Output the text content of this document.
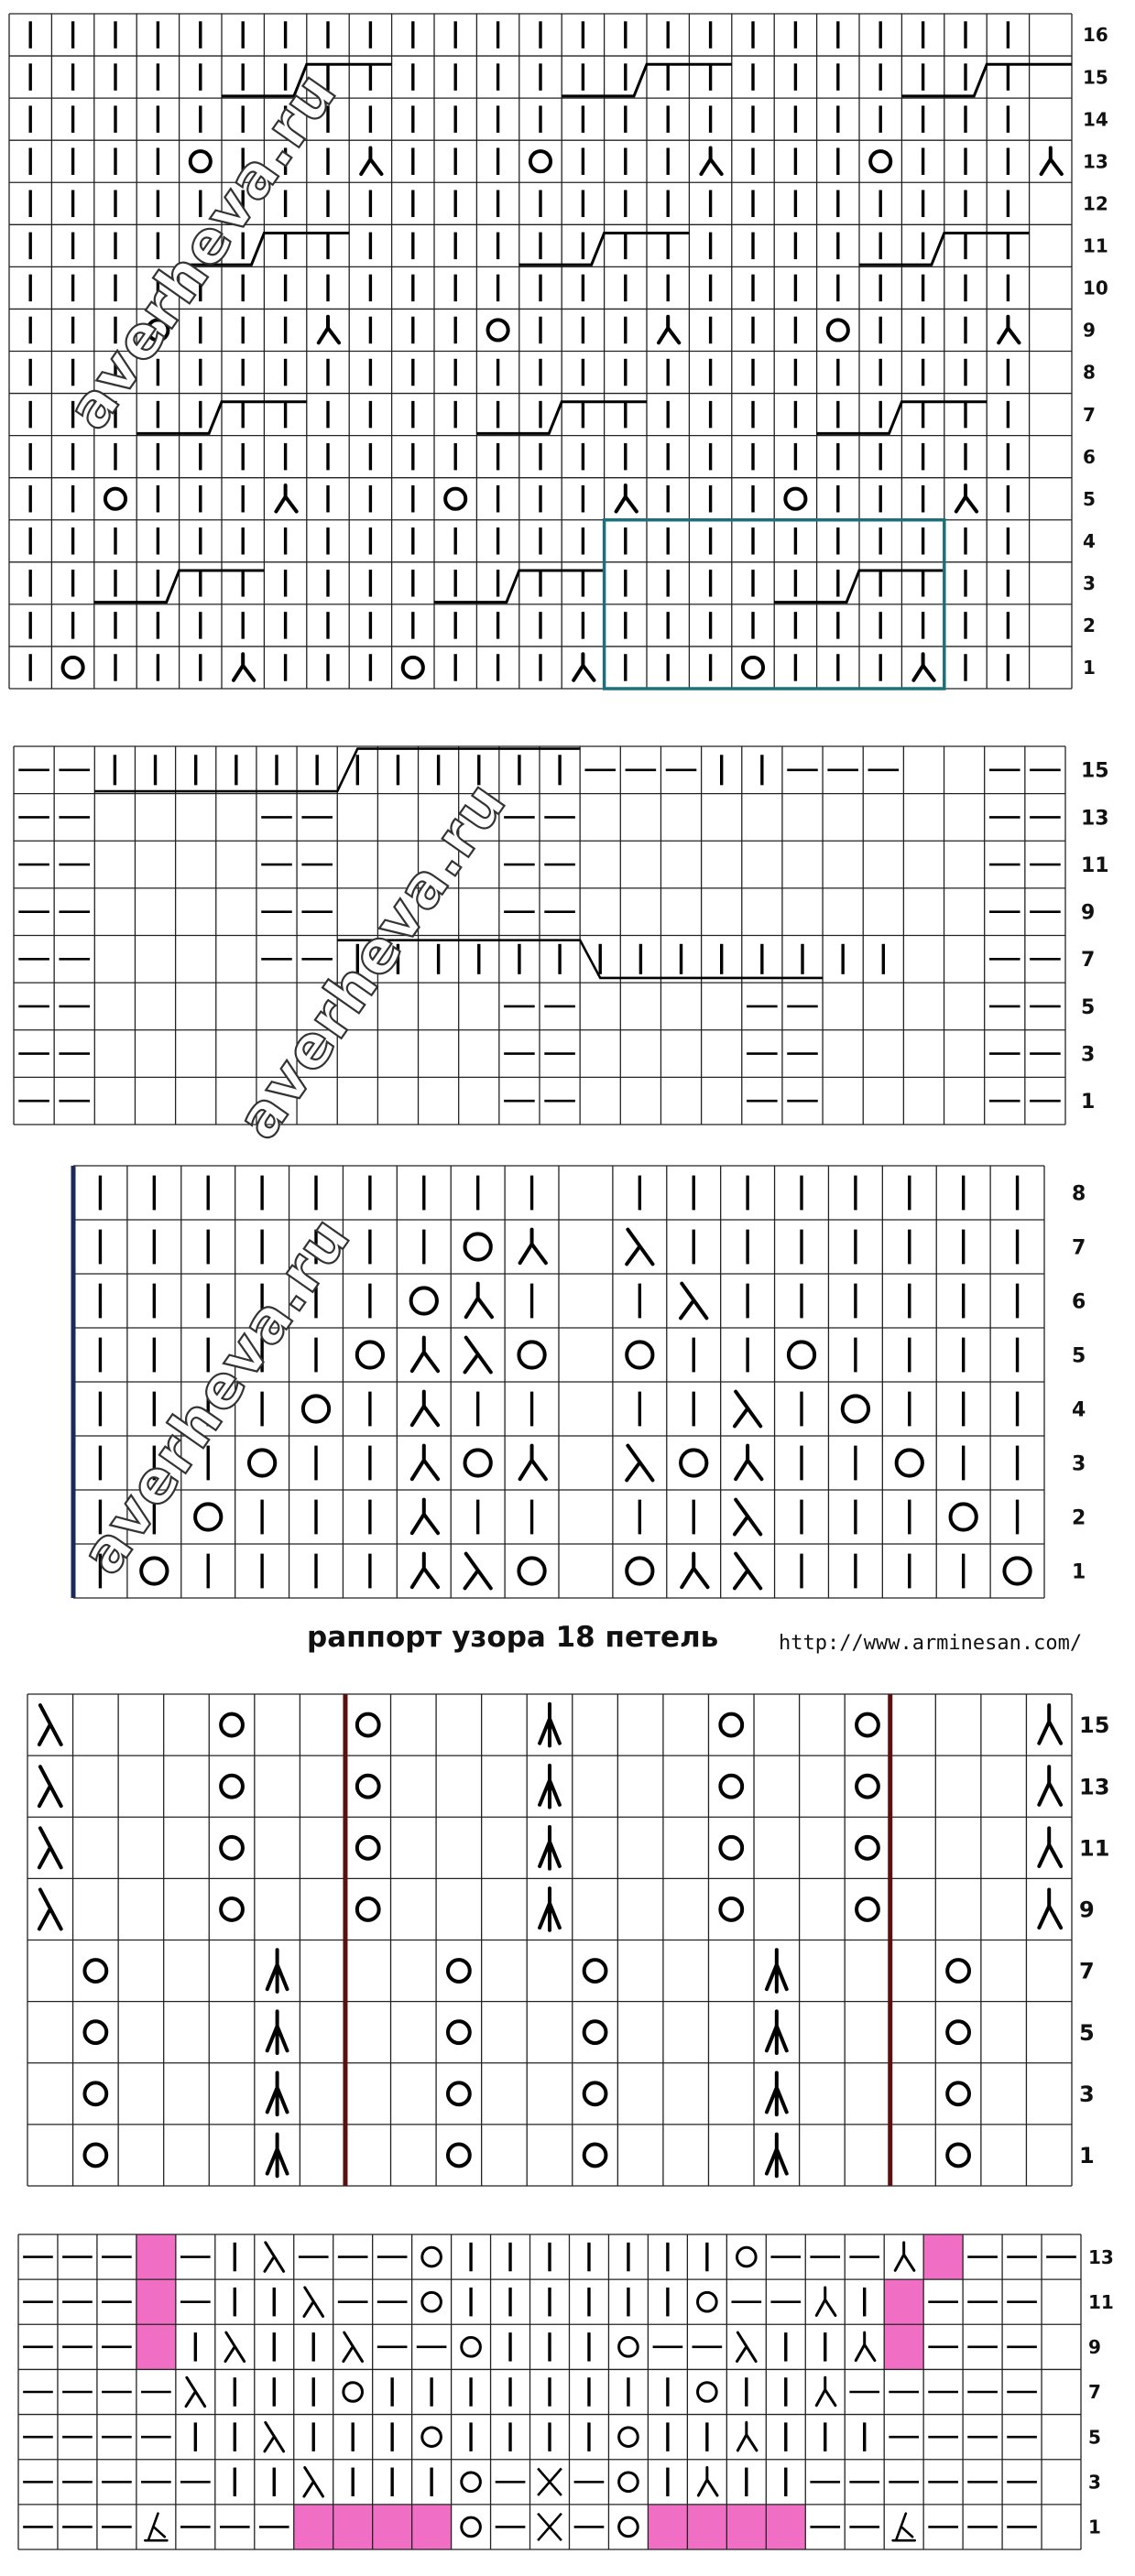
16
15
14
13
12
11
10
9
8
7
6
5
4
3
2
1
15
13
11
9
7
5
3
1
8
7
6
5
4
3
2
1
15
13
11
9
7
5
3
1
13
11
9
7
5
3
1
averheva.ru
averheva.ru
averheva.ru
раппорт узора 18 петель	http://www.arminesan.com/
